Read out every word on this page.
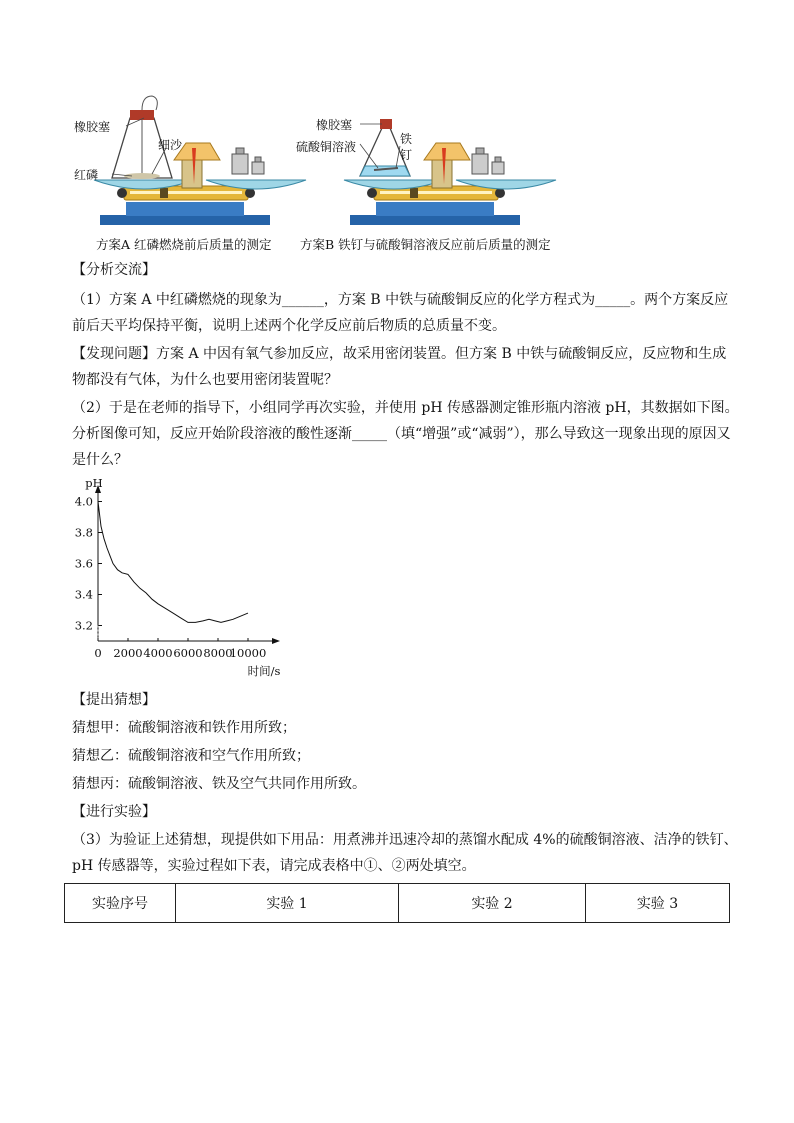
橡胶塞
细沙
红磷
橡胶塞
硫酸铜溶液
铁
钉
方案A 红磷燃烧前后质量的测定 方案B 铁钉与硫酸铜溶液反应前后质量的测定
【分析交流】
（1）方案 A 中红磷燃烧的现象为______，方案 B 中铁与硫酸铜反应的化学方程式为_____。两个方案反应
前后天平均保持平衡，说明上述两个化学反应前后物质的总质量不变。
【发现问题】方案 A 中因有氧气参加反应，故采用密闭装置。但方案 B 中铁与硫酸铜反应，反应物和生成
物都没有气体，为什么也要用密闭装置呢？
（2）于是在老师的指导下，小组同学再次实验，并使用 pH 传感器测定锥形瓶内溶液 pH，其数据如下图。
分析图像可知，反应开始阶段溶液的酸性逐渐_____（填“增强”或“减弱”），那么导致这一现象出现的原因又
是什么？
3.2
3.4
3.6
3.8
4.0
0 2000 4000 6000 8000
10000
pH
时间/s
【提出猜想】
猜想甲：硫酸铜溶液和铁作用所致；
猜想乙：硫酸铜溶液和空气作用所致；
猜想丙：硫酸铜溶液、铁及空气共同作用所致。
【进行实验】
（3）为验证上述猜想，现提供如下用品：用煮沸并迅速冷却的蒸馏水配成 4%的硫酸铜溶液、洁净的铁钉、
pH 传感器等，实验过程如下表，请完成表格中①、②两处填空。
实验序号	实验 1	实验 2	实验 3
